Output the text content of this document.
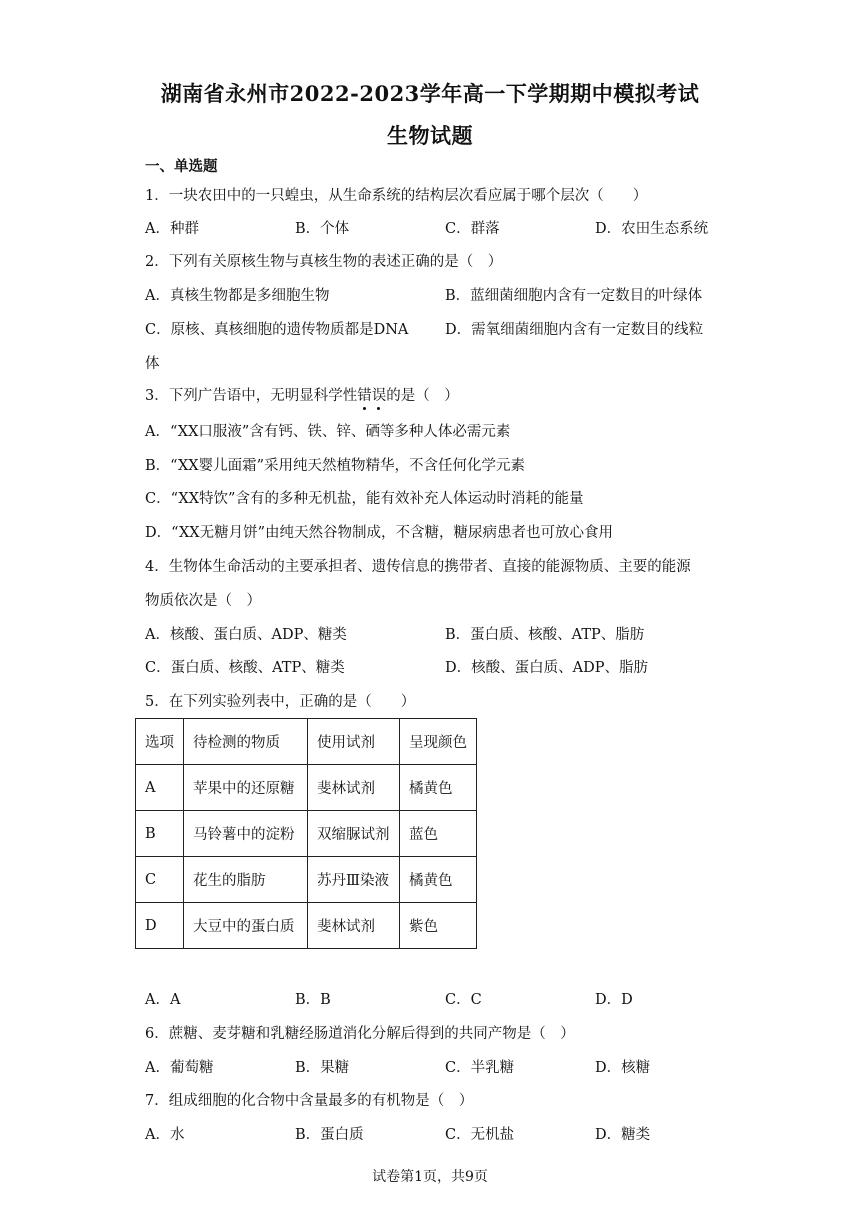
湖南省永州市2022-2023学年高一下学期期中模拟考试
生物试题
一、单选题
1．一块农田中的一只蝗虫，从生命系统的结构层次看应属于哪个层次（　　）
A．种群	B．个体	C．群落	D．农田生态系统
2．下列有关原核生物与真核生物的表述正确的是（　）
A．真核生物都是多细胞生物	B．蓝细菌细胞内含有一定数目的叶绿体
C．原核、真核细胞的遗传物质都是DNA	D．需氧细菌细胞内含有一定数目的线粒
体
3．下列广告语中，无明显科学性错误的是（　）
A．“XX口服液”含有钙、铁、锌、硒等多种人体必需元素
B．“XX婴儿面霜”采用纯天然植物精华，不含任何化学元素
C．“XX特饮”含有的多种无机盐，能有效补充人体运动时消耗的能量
D．“XX无糖月饼”由纯天然谷物制成，不含糖，糖尿病患者也可放心食用
4．生物体生命活动的主要承担者、遗传信息的携带者、直接的能源物质、主要的能源
物质依次是（　）
A．核酸、蛋白质、ADP、糖类	B．蛋白质、核酸、ATP、脂肪
C．蛋白质、核酸、ATP、糖类	D．核酸、蛋白质、ADP、脂肪
5．在下列实验列表中，正确的是（　　）
选项	待检测的物质	使用试剂	呈现颜色
A	苹果中的还原糖	斐林试剂	橘黄色
B	马铃薯中的淀粉	双缩脲试剂	蓝色
C	花生的脂肪	苏丹Ⅲ染液	橘黄色
D	大豆中的蛋白质	斐林试剂	紫色
A．A	B．B	C．C	D．D
6．蔗糖、麦芽糖和乳糖经肠道消化分解后得到的共同产物是（　）
A．葡萄糖	B．果糖	C．半乳糖	D．核糖
7．组成细胞的化合物中含量最多的有机物是（　）
A．水	B．蛋白质	C．无机盐	D．糖类
试卷第1页，共9页
